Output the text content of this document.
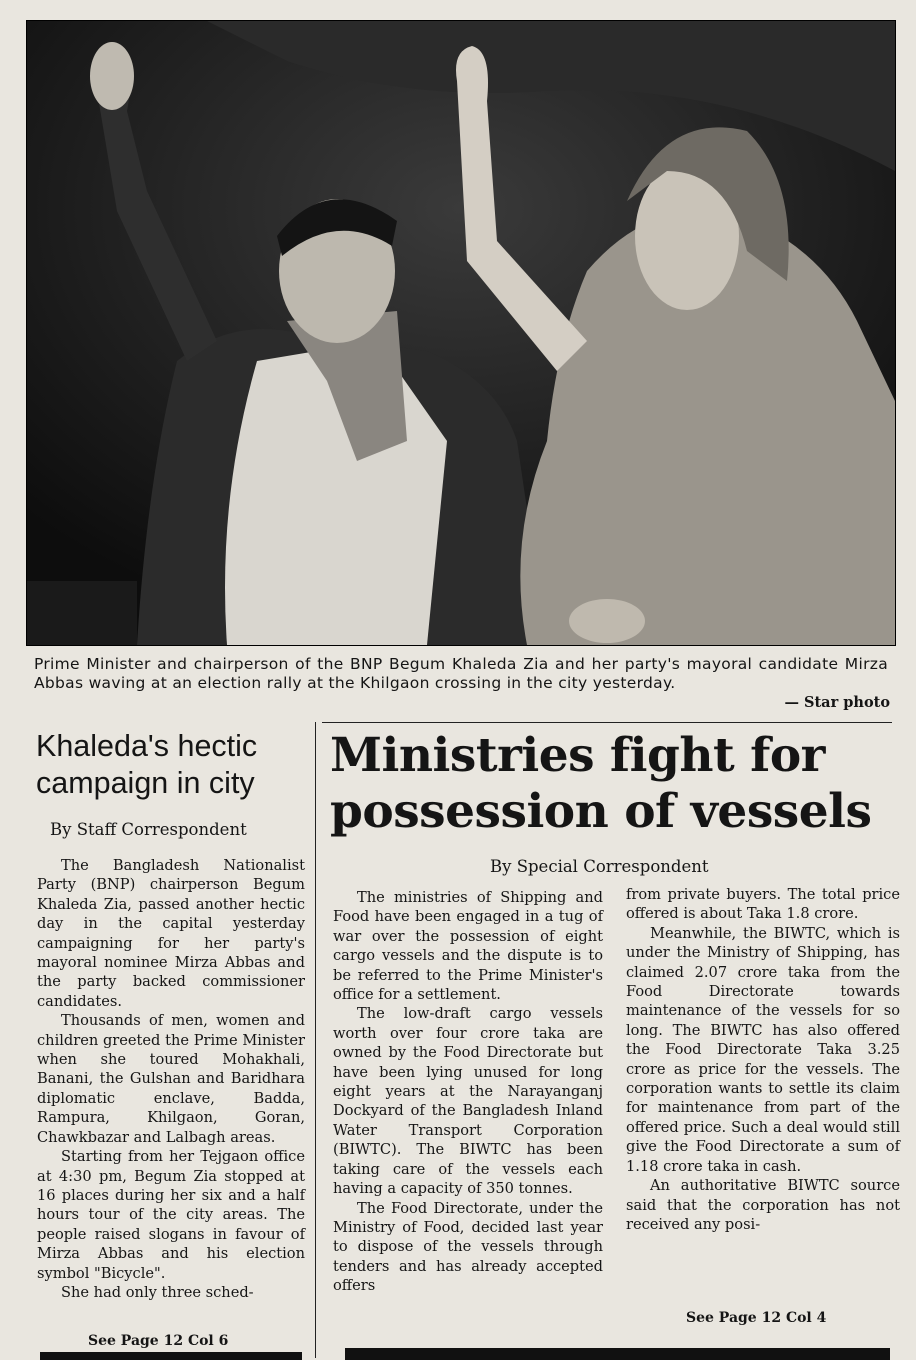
Prime Minister and chairperson of the BNP Begum Khaleda Zia and her party's mayoral candidate Mirza Abbas waving at an election rally at the Khilgaon crossing in the city yesterday.
— Star photo
Khaleda's hectic campaign in city
By Staff Correspondent

The Bangladesh Nationalist Party (BNP) chairperson Begum Khaleda Zia, passed another hectic day in the capital yesterday campaigning for her party's mayoral nominee Mirza Abbas and the party backed commissioner candidates.

Thousands of men, women and children greeted the Prime Minister when she toured Mohakhali, Banani, the Gulshan and Baridhara diplomatic enclave, Badda, Rampura, Khilgaon, Goran, Chawkbazar and Lalbagh areas.

Starting from her Tejgaon office at 4:30 pm, Begum Zia stopped at 16 places during her six and a half hours tour of the city areas. The people raised slogans in favour of Mirza Abbas and his election symbol "Bicycle".

She had only three sched-

See Page 12 Col 6
Ministries fight for possession of vessels
By Special Correspondent

The ministries of Shipping and Food have been engaged in a tug of war over the possession of eight cargo vessels and the dispute is to be referred to the Prime Minister's office for a settlement.

The low-draft cargo vessels worth over four crore taka are owned by the Food Directorate but have been lying unused for long eight years at the Narayanganj Dockyard of the Bangladesh Inland Water Transport Corporation (BIWTC). The BIWTC has been taking care of the vessels each having a capacity of 350 tonnes.

The Food Directorate, under the Ministry of Food, decided last year to dispose of the vessels through tenders and has already accepted offers

from private buyers. The total price offered is about Taka 1.8 crore.

Meanwhile, the BIWTC, which is under the Ministry of Shipping, has claimed 2.07 crore taka from the Food Directorate towards maintenance of the vessels for so long. The BIWTC has also offered the Food Directorate Taka 3.25 crore as price for the vessels. The corporation wants to settle its claim for maintenance from part of the offered price. Such a deal would still give the Food Directorate a sum of 1.18 crore taka in cash.

An authoritative BIWTC source said that the corporation has not received any posi-

See Page 12 Col 4
